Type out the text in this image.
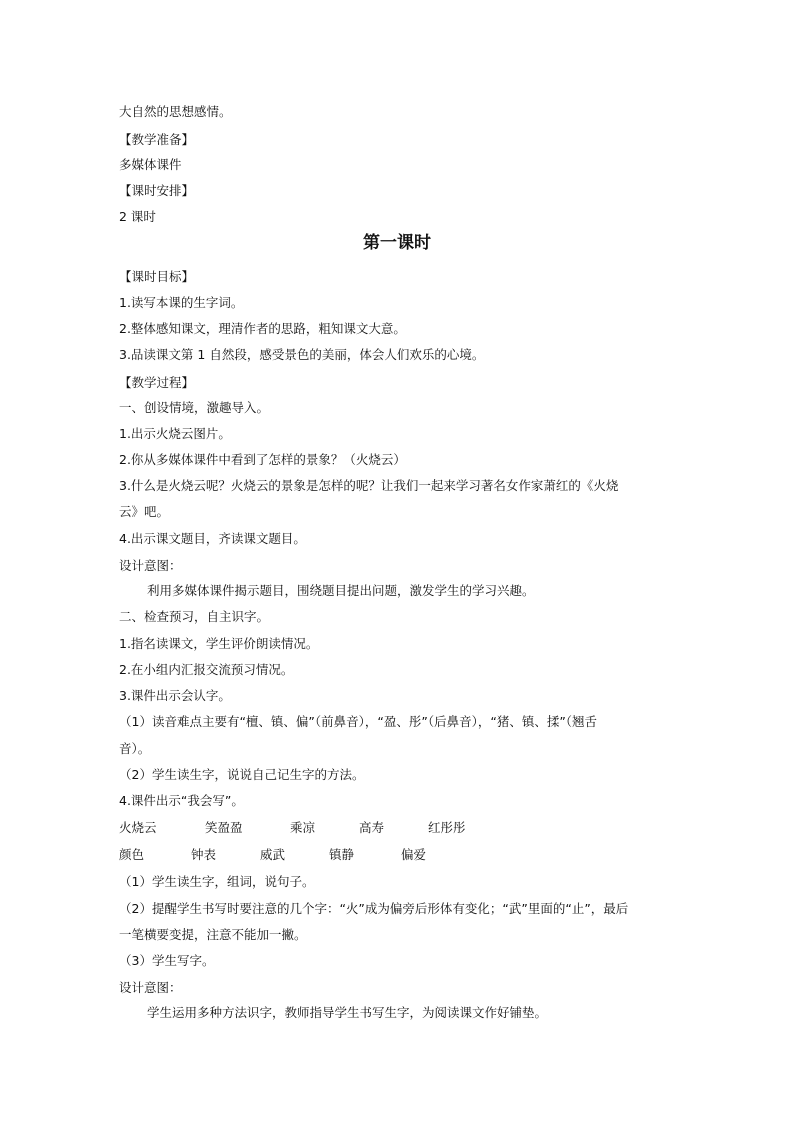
大自然的思想感情。
【教学准备】
多媒体课件
【课时安排】
2 课时
第一课时
【课时目标】
1.读写本课的生字词。
2.整体感知课文，理清作者的思路，粗知课文大意。
3.品读课文第 1 自然段，感受景色的美丽，体会人们欢乐的心境。
【教学过程】
一、创设情境，激趣导入。
1.出示火烧云图片。
2.你从多媒体课件中看到了怎样的景象？（火烧云）
3.什么是火烧云呢？火烧云的景象是怎样的呢？让我们一起来学习著名女作家萧红的《火烧
云》吧。
4.出示课文题目，齐读课文题目。
设计意图：
利用多媒体课件揭示题目，围绕题目提出问题，激发学生的学习兴趣。
二、检查预习，自主识字。
1.指名读课文，学生评价朗读情况。
2.在小组内汇报交流预习情况。
3.课件出示会认字。
（1）读音难点主要有“檀、镇、偏”（前鼻音），“盈、彤”（后鼻音），“猪、镇、揉”（翘舌
音）。
（2）学生读生字，说说自己记生字的方法。
4.课件出示“我会写”。
火烧云	笑盈盈	乘凉	高寿	红彤彤
颜色	钟表	威武	镇静	偏爱
（1）学生读生字，组词，说句子。
（2）提醒学生书写时要注意的几个字：“火”成为偏旁后形体有变化；“武”里面的“止”，最后
一笔横要变提，注意不能加一撇。
（3）学生写字。
设计意图：
学生运用多种方法识字，教师指导学生书写生字，为阅读课文作好铺垫。
